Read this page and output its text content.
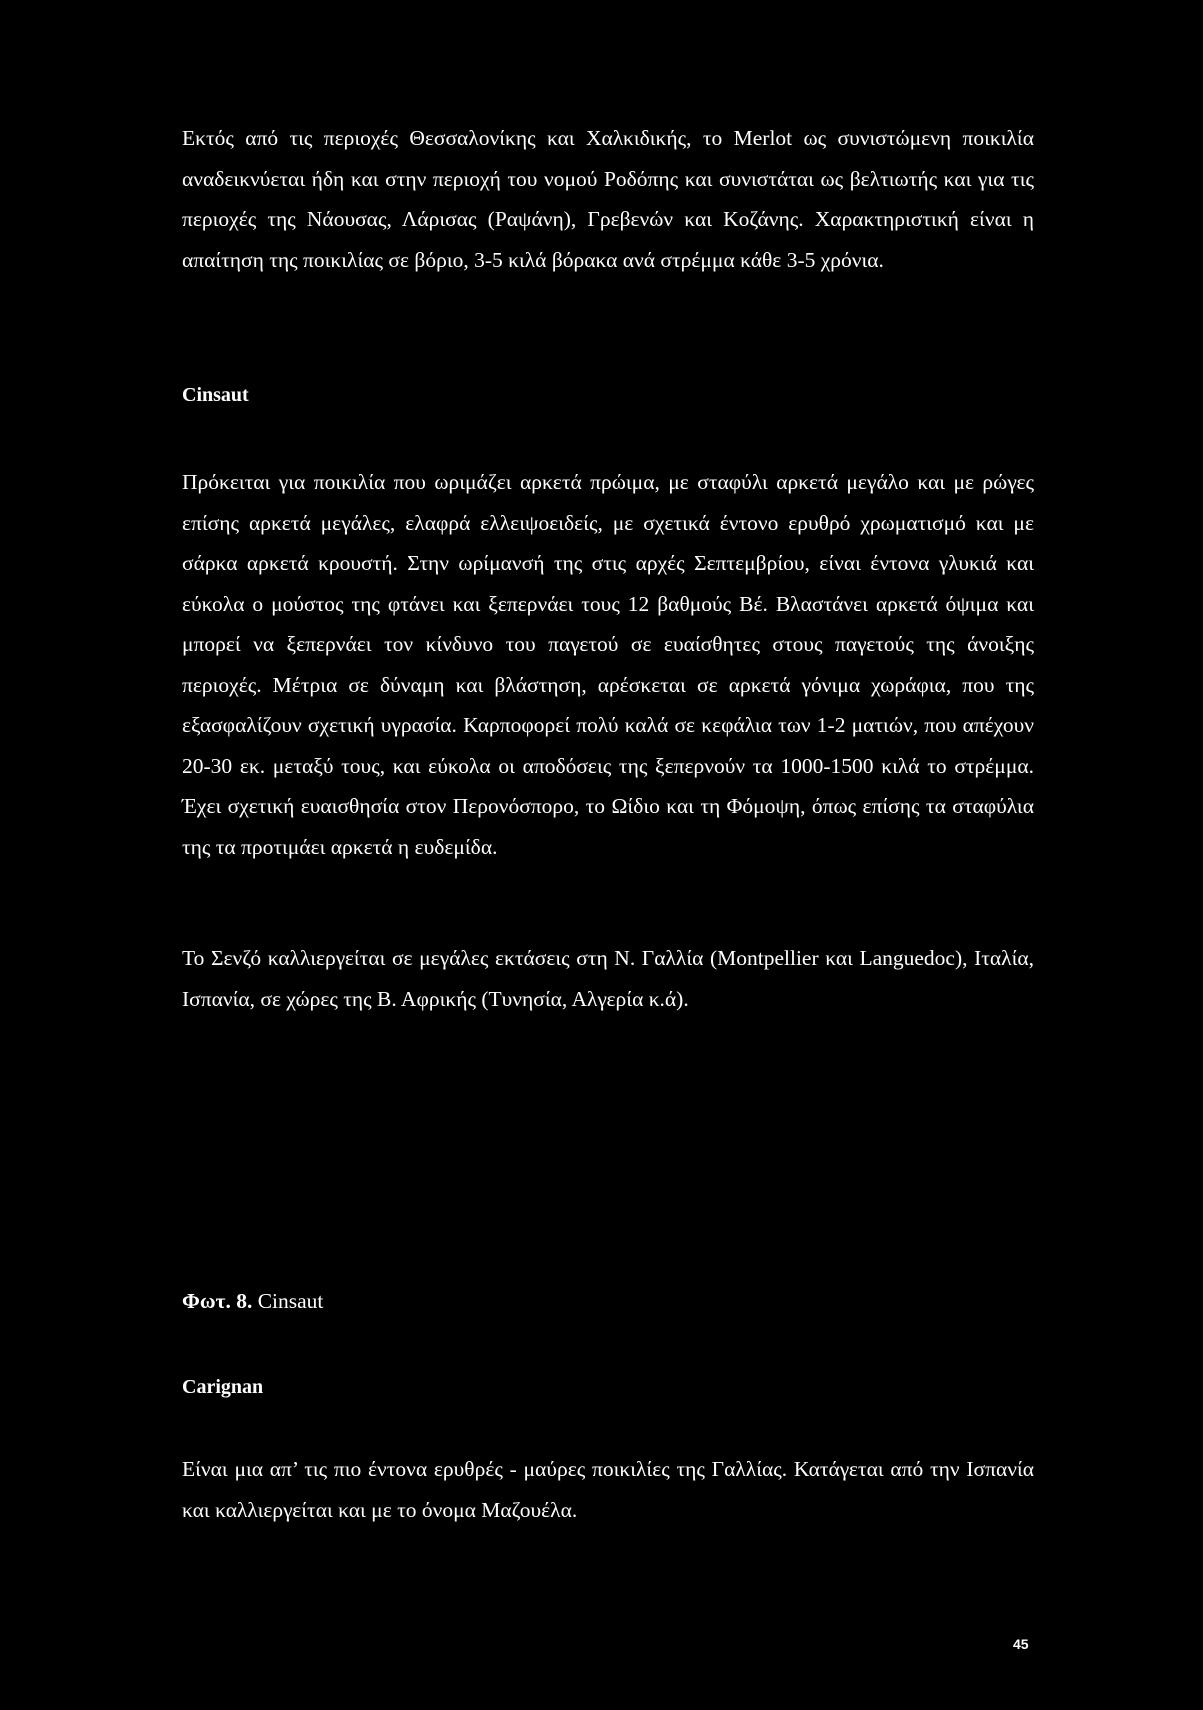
Εκτός από τις περιοχές Θεσσαλονίκης και Χαλκιδικής, το Merlot ως συνιστώμενη ποικιλία αναδεικνύεται ήδη και στην περιοχή του νομού Ροδόπης και συνιστάται ως βελτιωτής και για τις περιοχές της Νάουσας, Λάρισας (Ραψάνη), Γρεβενών και Κοζάνης. Χαρακτηριστική είναι η απαίτηση της ποικιλίας σε βόριο, 3-5 κιλά βόρακα ανά στρέμμα κάθε 3-5 χρόνια.
Cinsaut
Πρόκειται για ποικιλία που ωριμάζει αρκετά πρώιμα, με σταφύλι αρκετά μεγάλο και με ρώγες επίσης αρκετά μεγάλες, ελαφρά ελλειψοειδείς, με σχετικά έντονο ερυθρό χρωματισμό και με σάρκα αρκετά κρουστή. Στην ωρίμανσή της στις αρχές Σεπτεμβρίου, είναι έντονα γλυκιά και εύκολα ο μούστος της φτάνει και ξεπερνάει τους 12 βαθμούς Βέ. Βλαστάνει αρκετά όψιμα και μπορεί να ξεπερνάει τον κίνδυνο του παγετού σε ευαίσθητες στους παγετούς της άνοιξης περιοχές. Μέτρια σε δύναμη και βλάστηση, αρέσκεται σε αρκετά γόνιμα χωράφια, που της εξασφαλίζουν σχετική υγρασία. Καρποφορεί πολύ καλά σε κεφάλια των 1-2 ματιών, που απέχουν 20-30 εκ. μεταξύ τους, και εύκολα οι αποδόσεις της ξεπερνούν τα 1000-1500 κιλά το στρέμμα. Έχει σχετική ευαισθησία στον Περονόσπορο, το Ωίδιο και τη Φόμοψη, όπως επίσης τα σταφύλια της τα προτιμάει αρκετά η ευδεμίδα.
Το Σενζό καλλιεργείται σε μεγάλες εκτάσεις στη Ν. Γαλλία (Montpellier και Languedoc), Ιταλία, Ισπανία, σε χώρες της Β. Αφρικής (Τυνησία, Αλγερία κ.ά).
Φωτ. 8. Cinsaut
Carignan
Είναι μια απ’ τις πιο έντονα ερυθρές - μαύρες ποικιλίες της Γαλλίας. Κατάγεται από την Ισπανία και καλλιεργείται και με το όνομα Μαζουέλα.
45
